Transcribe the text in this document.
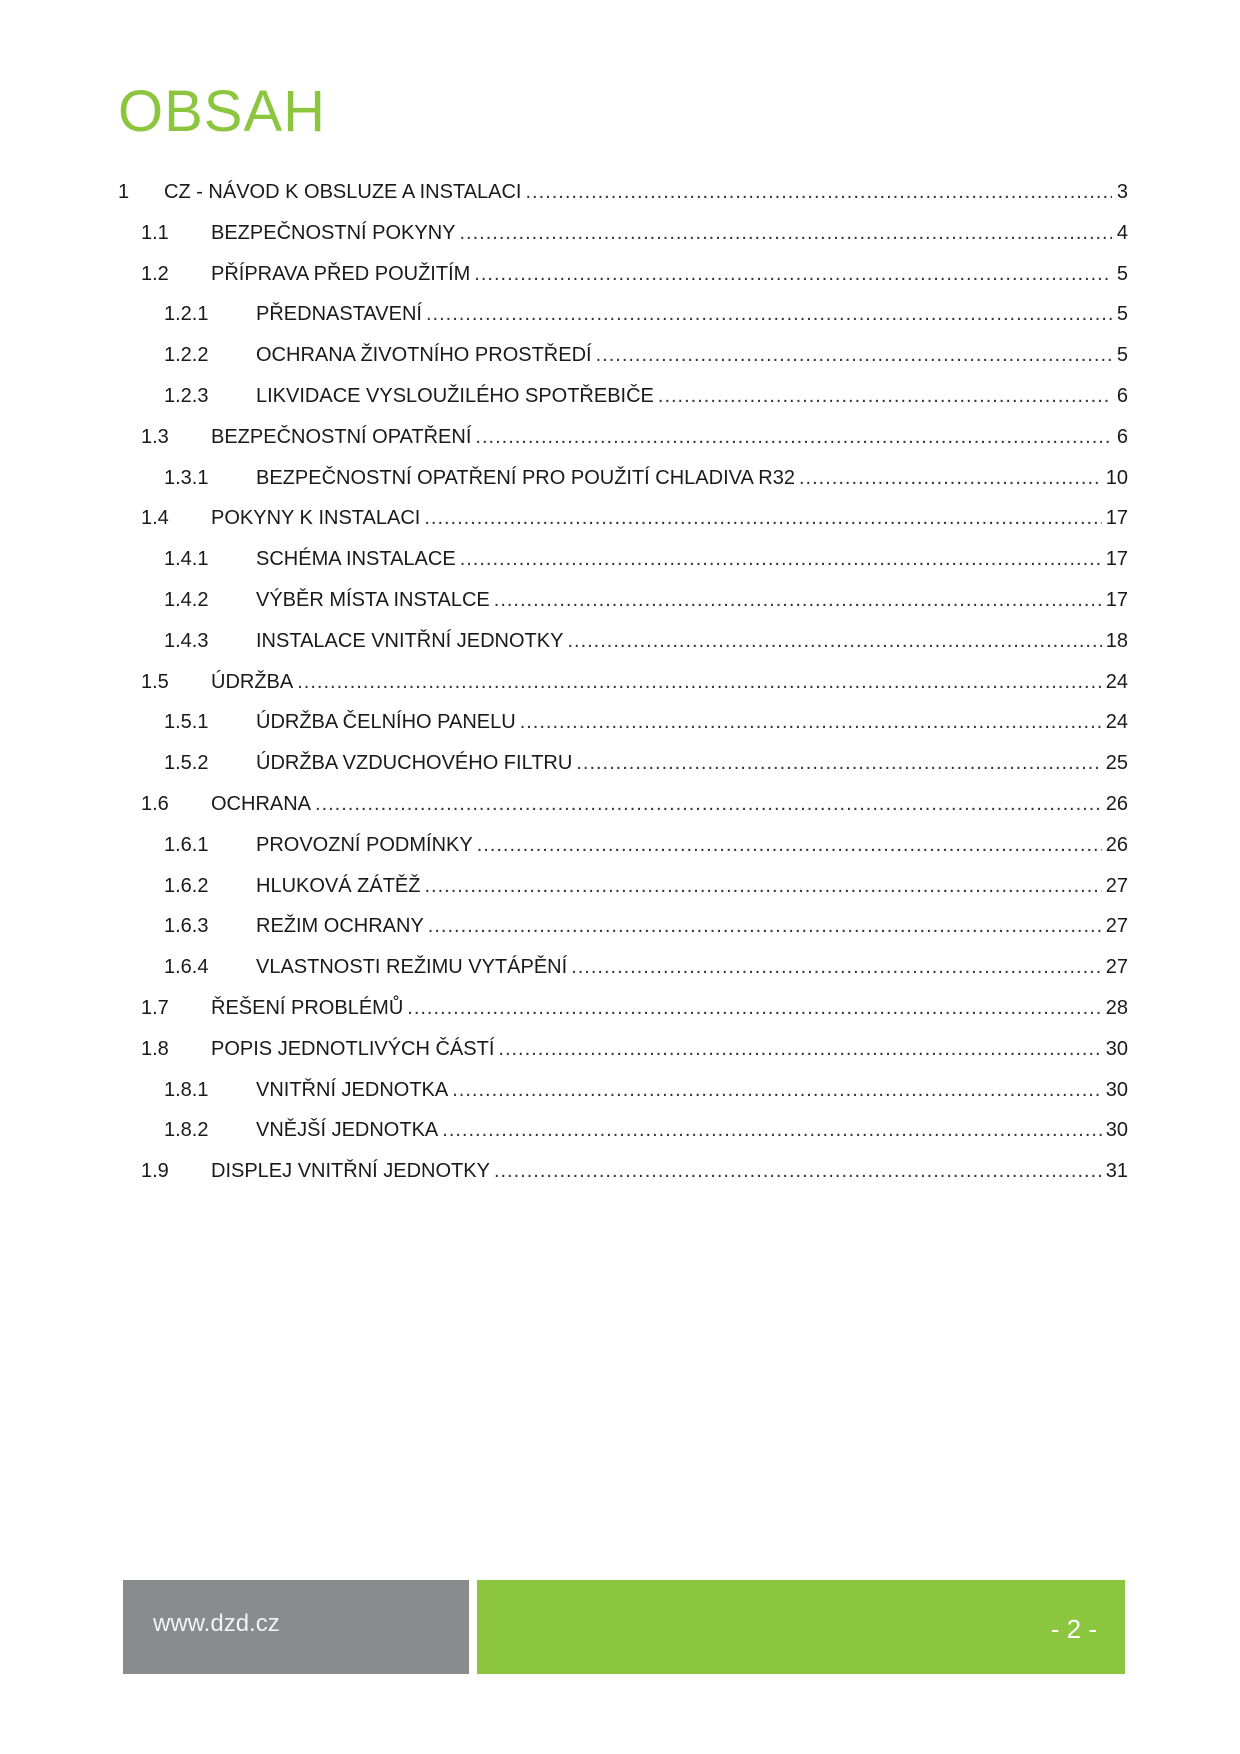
OBSAH
1	CZ - NÁVOD K OBSLUZE A INSTALACI .....	3
1.1	BEZPEČNOSTNÍ POKYNY .....	4
1.2	PŘÍPRAVA PŘED POUŽITÍM .....	5
1.2.1	PŘEDNASTAVENÍ .....	5
1.2.2	OCHRANA ŽIVOTNÍHO PROSTŘEDÍ .....	5
1.2.3	LIKVIDACE VYSLOUŽILÉHO SPOTŘEBIČE .....	6
1.3	BEZPEČNOSTNÍ OPATŘENÍ .....	6
1.3.1	BEZPEČNOSTNÍ OPATŘENÍ PRO POUŽITÍ CHLADIVA R32 .....	10
1.4	POKYNY K INSTALACI .....	17
1.4.1	SCHÉMA INSTALACE .....	17
1.4.2	VÝBĚR MÍSTA INSTALCE .....	17
1.4.3	INSTALACE VNITŘNÍ JEDNOTKY .....	18
1.5	ÚDRŽBA .....	24
1.5.1	ÚDRŽBA ČELNÍHO PANELU .....	24
1.5.2	ÚDRŽBA VZDUCHOVÉHO FILTRU .....	25
1.6	OCHRANA .....	26
1.6.1	PROVOZNÍ PODMÍNKY .....	26
1.6.2	HLUKOVÁ ZÁTĚŽ .....	27
1.6.3	REŽIM OCHRANY .....	27
1.6.4	VLASTNOSTI REŽIMU VYTÁPĚNÍ .....	27
1.7	ŘEŠENÍ PROBLÉMŮ .....	28
1.8	POPIS JEDNOTLIVÝCH ČÁSTÍ .....	30
1.8.1	VNITŘNÍ JEDNOTKA .....	30
1.8.2	VNĚJŠÍ JEDNOTKA .....	30
1.9	DISPLEJ VNITŘNÍ JEDNOTKY .....	31
www.dzd.cz	- 2 -
